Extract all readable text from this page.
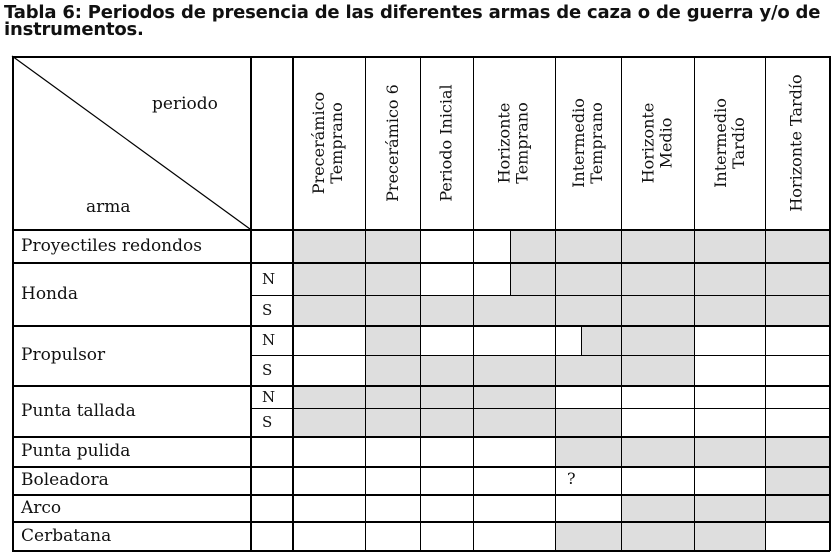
Tabla 6: Periodos de presencia de las diferentes armas de caza o de guerra y/o de instrumentos.
periodo
arma
Precerámico
Temprano Precerámico 6 Periodo Inicial Horizonte
Temprano Intermedio
Temprano Horizonte
Medio Intermedio
Tardío Horizonte Tardío
Proyectiles redondos
N
S
Honda
N
S
Propulsor
N
S
Punta tallada
Punta pulida
Boleadora	?
Arco
Cerbatana
